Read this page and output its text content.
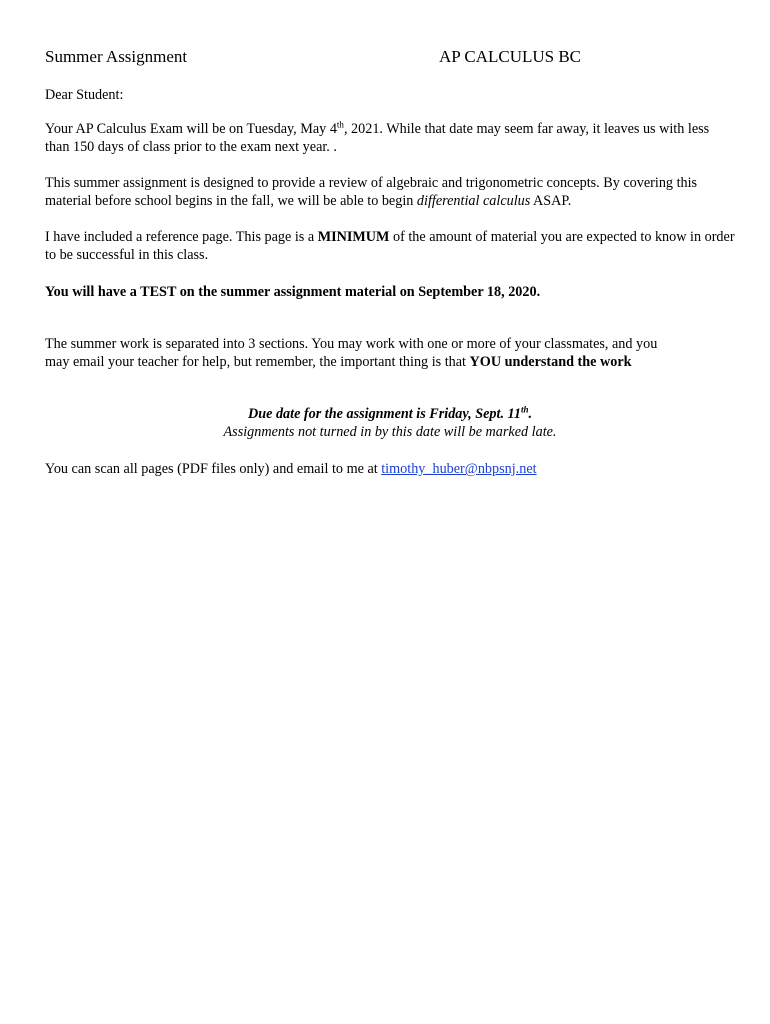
Summer Assignment	AP CALCULUS BC

Dear Student:

Your AP Calculus Exam will be on Tuesday, May 4th, 2021. While that date may seem far away, it leaves us with less than 150 days of class prior to the exam next year. .

This summer assignment is designed to provide a review of algebraic and trigonometric concepts. By covering this material before school begins in the fall, we will be able to begin differential calculus ASAP.

I have included a reference page. This page is a MINIMUM of the amount of material you are expected to know in order to be successful in this class.

You will have a TEST on the summer assignment material on September 18, 2020.

The summer work is separated into 3 sections. You may work with one or more of your classmates, and you may email your teacher for help, but remember, the important thing is that YOU understand the work

Due date for the assignment is Friday, Sept. 11th.
Assignments not turned in by this date will be marked late.

You can scan all pages (PDF files only) and email to me at timothy_huber@nbpsnj.net
